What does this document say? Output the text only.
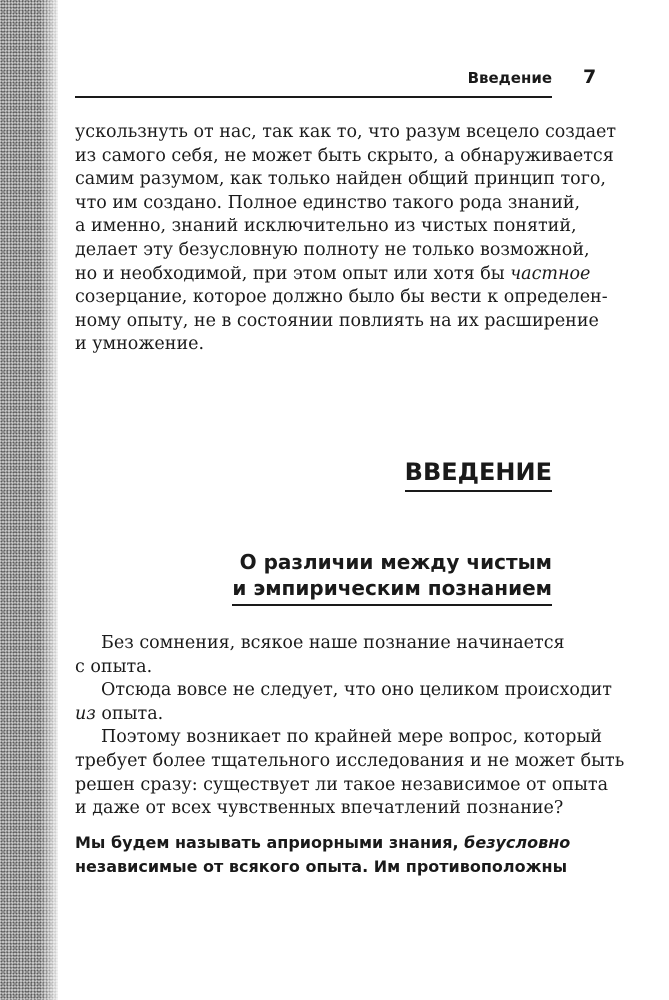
Введение 7
ускользнуть от нас, так как то, что разум всецело создает
из самого себя, не может быть скрыто, а обнаруживается
самим разумом, как только найден общий принцип того,
что им создано. Полное единство такого рода знаний,
а именно, знаний исключительно из чистых понятий,
делает эту безусловную полноту не только возможной,
но и необходимой, при этом опыт или хотя бы частное
созерцание, которое должно было бы вести к определен-
ному опыту, не в состоянии повлиять на их расширение
и умножение.
ВВЕДЕНИЕ
О различии между чистым
и эмпирическим познанием
Без сомнения, всякое наше познание начинается
с опыта.
Отсюда вовсе не следует, что оно целиком происходит
из опыта.
Поэтому возникает по крайней мере вопрос, который
требует более тщательного исследования и не может быть
решен сразу: существует ли такое независимое от опыта
и даже от всех чувственных впечатлений познание?
Мы будем называть априорными знания, безусловно
независимые от всякого опыта. Им противоположны
